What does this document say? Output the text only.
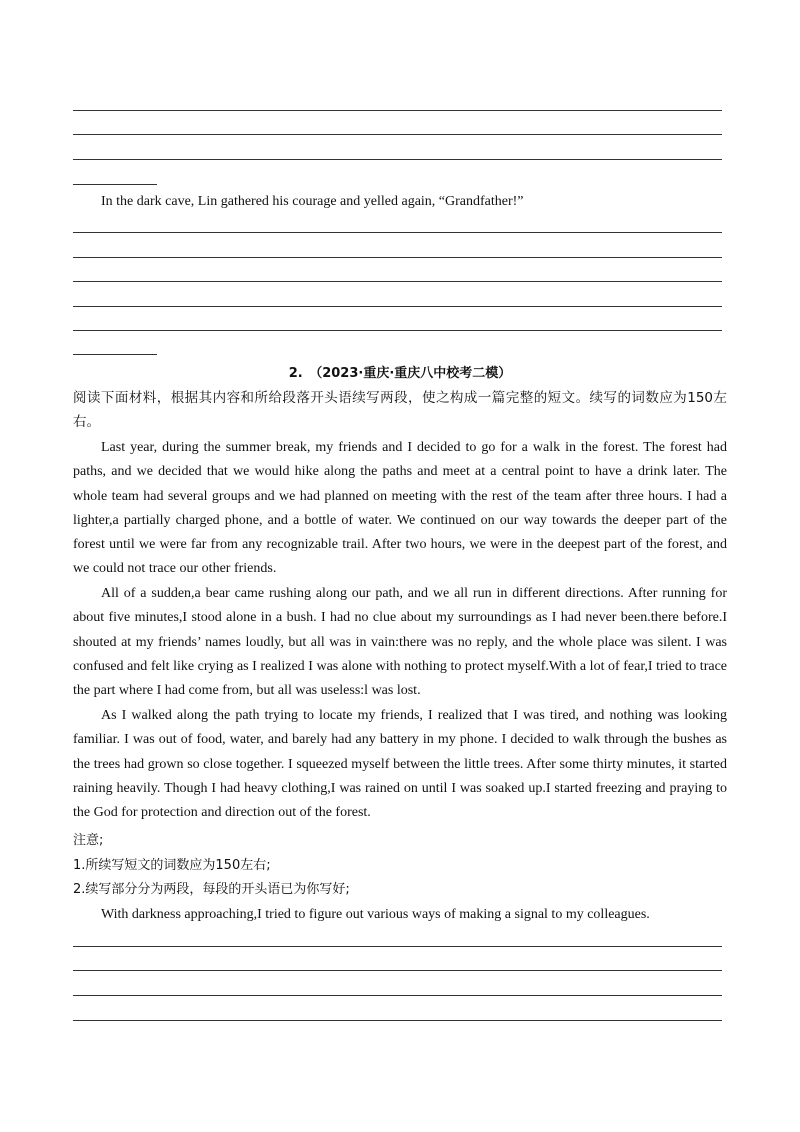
In the dark cave, Lin gathered his courage and yelled again, “Grandfather!”
2.　（2023·重庆·重庆八中校考二模）
阅读下面材料，根据其内容和所给段落开头语续写两段，使之构成一篇完整的短文。续写的词数应为150左右。
Last year, during the summer break, my friends and I decided to go for a walk in the forest. The forest had paths, and we decided that we would hike along the paths and meet at a central point to have a drink later. The whole team had several groups and we had planned on meeting with the rest of the team after three hours. I had a lighter,a partially charged phone, and a bottle of water. We continued on our way towards the deeper part of the forest until we were far from any recognizable trail. After two hours, we were in the deepest part of the forest, and we could not trace our other friends.
All of a sudden,a bear came rushing along our path, and we all run in different directions. After running for about five minutes,I stood alone in a bush. I had no clue about my surroundings as I had never been.there before.I shouted at my friends’ names loudly, but all was in vain:there was no reply, and the whole place was silent. I was confused and felt like crying as I realized I was alone with nothing to protect myself.With a lot of fear,I tried to trace the part where I had come from, but all was useless:l was lost.
As I walked along the path trying to locate my friends, I realized that I was tired, and nothing was looking familiar. I was out of food, water, and barely had any battery in my phone. I decided to walk through the bushes as the trees had grown so close together. I squeezed myself between the little trees. After some thirty minutes, it started raining heavily. Though I had heavy clothing,I was rained on until I was soaked up.I started freezing and praying to the God for protection and direction out of the forest.
注意;
1.所续写短文的词数应为150左右;
2.续写部分分为两段，每段的开头语已为你写好;
With darkness approaching,I tried to figure out various ways of making a signal to my colleagues.
